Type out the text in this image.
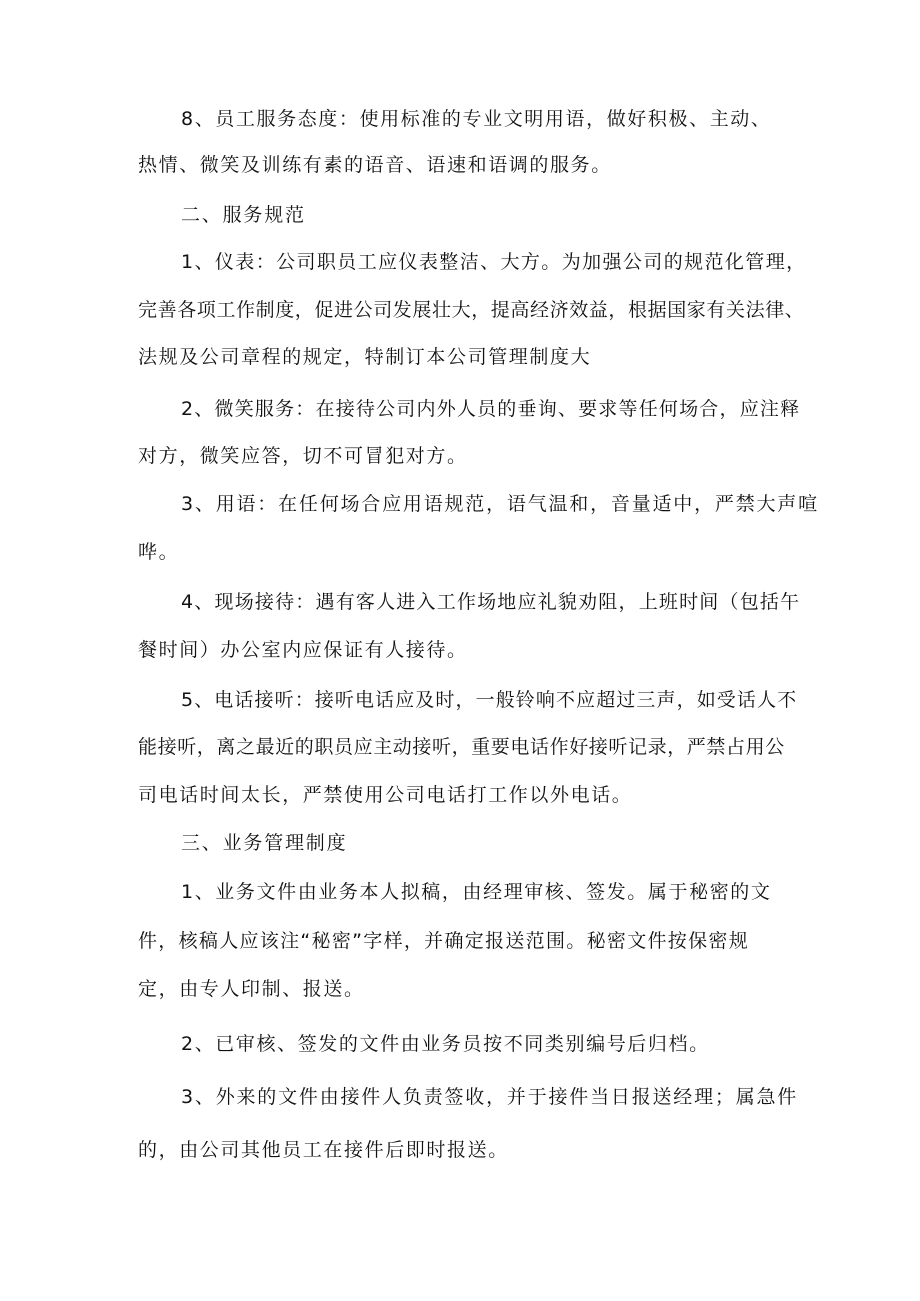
8、员工服务态度：使用标准的专业文明用语，做好积极、主动、
热情、微笑及训练有素的语音、语速和语调的服务。
二、服务规范
1、仪表：公司职员工应仪表整洁、大方。为加强公司的规范化管理，
完善各项工作制度，促进公司发展壮大，提高经济效益，根据国家有关法律、
法规及公司章程的规定，特制订本公司管理制度大
2、微笑服务：在接待公司内外人员的垂询、要求等任何场合，应注释
对方，微笑应答，切不可冒犯对方。
3、用语：在任何场合应用语规范，语气温和，音量适中，严禁大声喧
哗。
4、现场接待：遇有客人进入工作场地应礼貌劝阻，上班时间（包括午
餐时间）办公室内应保证有人接待。
5、电话接听：接听电话应及时，一般铃响不应超过三声，如受话人不
能接听，离之最近的职员应主动接听，重要电话作好接听记录，严禁占用公
司电话时间太长，严禁使用公司电话打工作以外电话。
三、业务管理制度
1、业务文件由业务本人拟稿，由经理审核、签发。属于秘密的文
件，核稿人应该注“秘密”字样，并确定报送范围。秘密文件按保密规
定，由专人印制、报送。
2、已审核、签发的文件由业务员按不同类别编号后归档。
3、外来的文件由接件人负责签收，并于接件当日报送经理；属急件
的，由公司其他员工在接件后即时报送。
